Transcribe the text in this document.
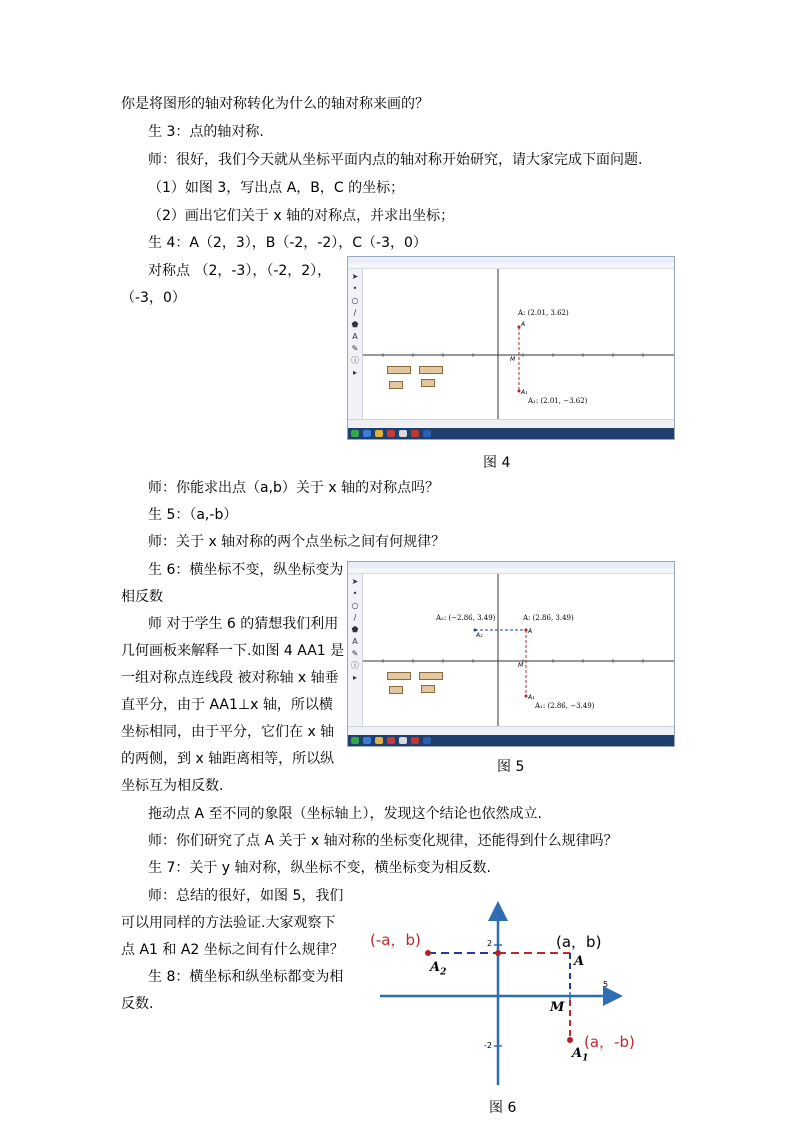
你是将图形的轴对称转化为什么的轴对称来画的？
生 3：点的轴对称.
师：很好，我们今天就从坐标平面内点的轴对称开始研究，请大家完成下面问题.
（1）如图 3，写出点 A，B，C 的坐标；
（2）画出它们关于 x 轴的对称点，并求出坐标；
生 4：A（2，3），B（-2，-2），C（-3，0）
对称点 （2，-3），（-2，2），
（-3，0）
师：你能求出点（a,b）关于 x 轴的对称点吗？
生 5：（a,-b）
师：关于 x 轴对称的两个点坐标之间有何规律？
生 6：横坐标不变，纵坐标变为
相反数
师 对于学生 6 的猜想我们利用
几何画板来解释一下.如图 4 AA1 是
一组对称点连线段 被对称轴 x 轴垂
直平分，由于 AA1⊥x 轴，所以横
坐标相同，由于平分，它们在 x 轴
的两侧，到 x 轴距离相等，所以纵
坐标互为相反数.
拖动点 A 至不同的象限（坐标轴上），发现这个结论也依然成立.
师：你们研究了点 A 关于 x 轴对称的坐标变化规律，还能得到什么规律吗？
生 7：关于 y 轴对称，纵坐标不变，横坐标变为相反数.
师：总结的很好，如图 5，我们
可以用同样的方法验证.大家观察下
点 A1 和 A2 坐标之间有什么规律？
生 8：横坐标和纵坐标都变为相
反数.
➤
•
○
∕
⬟
A
✎
ⓘ
▸
A: (2.01, 3.62)
A
M
A₁
A₁: (2.01, −3.62)
图 4
➤
•
○
∕
⬟
A
✎
ⓘ
▸
A₂: (−2.86, 3.49)	A: (2.86, 3.49)
A₂
A
M
A₁
A₁: (2.86, −3.49)
图 5
(-a，b)	(a，b)
(a，-b)
A
$A_2$
$A_1$
M
2
-2
5
图 6
